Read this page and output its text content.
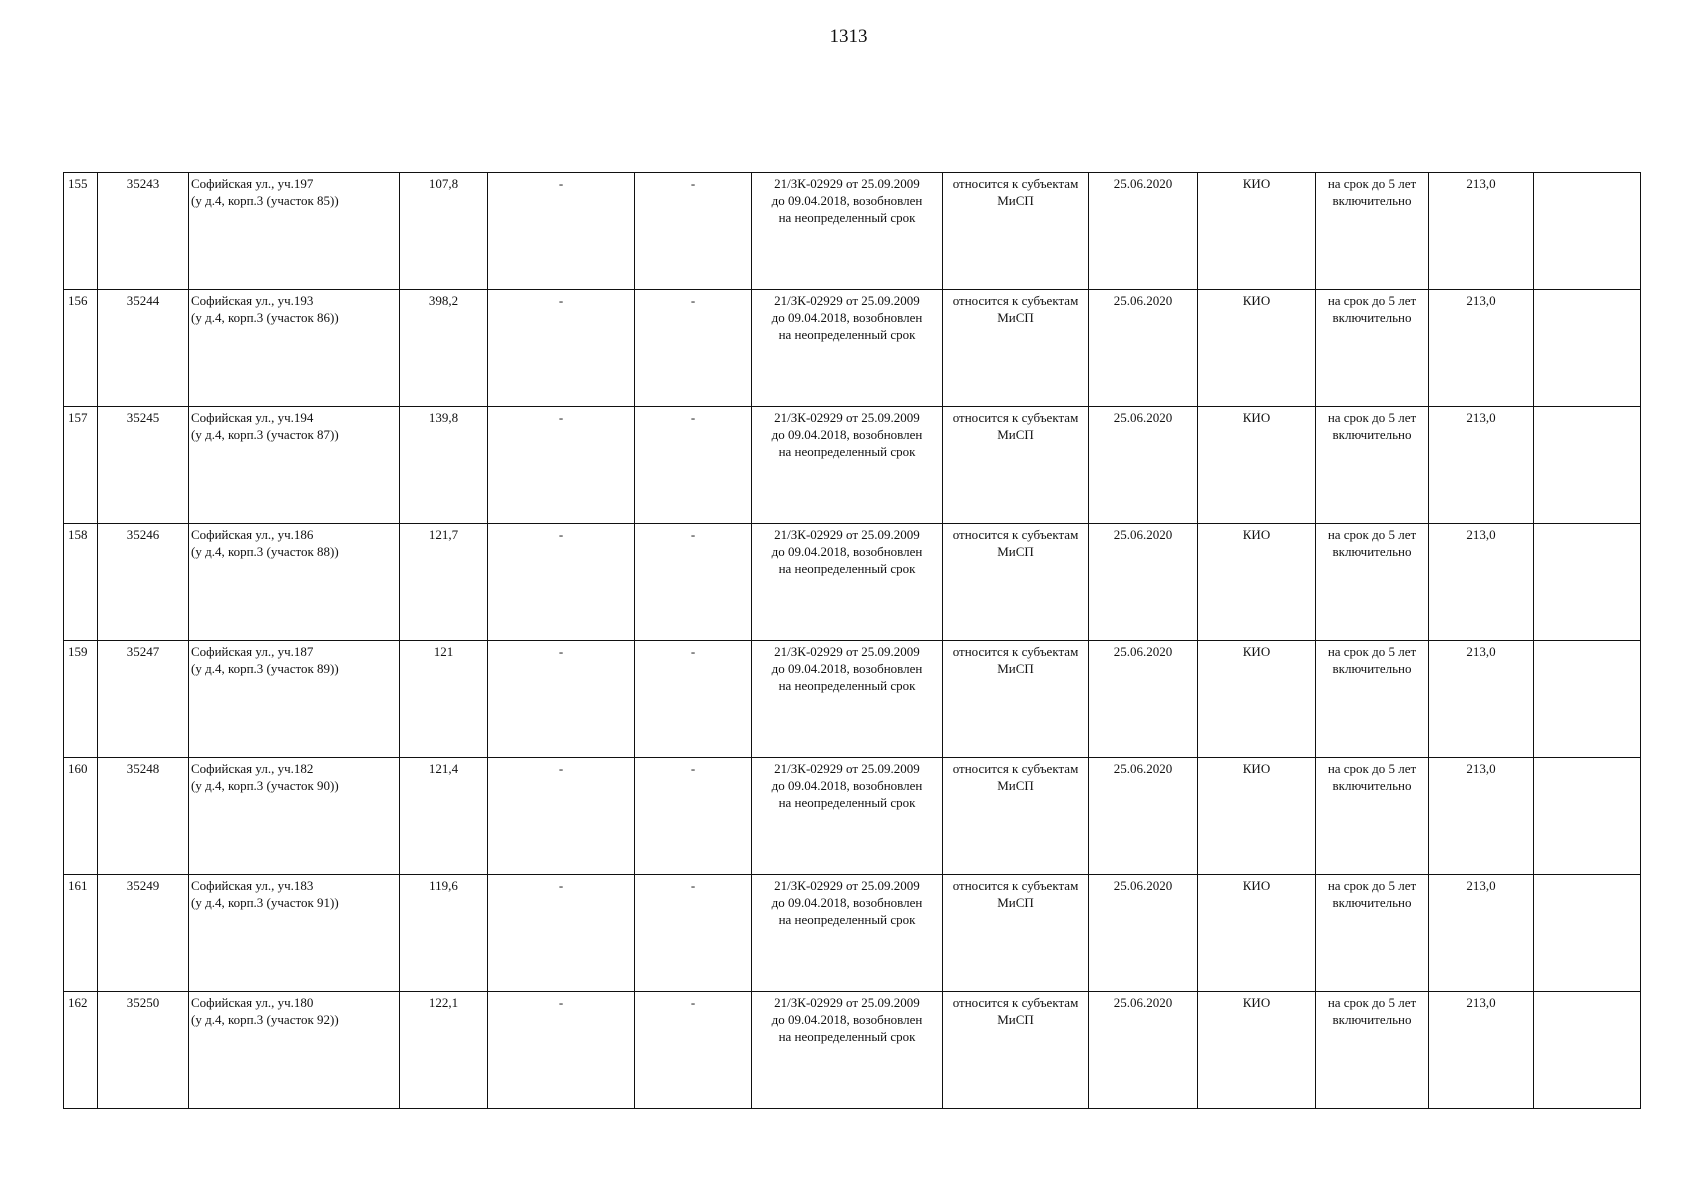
1313
155	35243	Софийская ул., уч.197
(у д.4, корп.3 (участок 85))	107,8	-	-	21/ЗК-02929 от 25.09.2009
до 09.04.2018, возобновлен
на неопределенный срок	относится к субъектам
МиСП	25.06.2020	КИО	на срок до 5 лет
включительно	213,0	
156	35244	Софийская ул., уч.193
(у д.4, корп.3 (участок 86))	398,2	-	-	21/ЗК-02929 от 25.09.2009
до 09.04.2018, возобновлен
на неопределенный срок	относится к субъектам
МиСП	25.06.2020	КИО	на срок до 5 лет
включительно	213,0	
157	35245	Софийская ул., уч.194
(у д.4, корп.3 (участок 87))	139,8	-	-	21/ЗК-02929 от 25.09.2009
до 09.04.2018, возобновлен
на неопределенный срок	относится к субъектам
МиСП	25.06.2020	КИО	на срок до 5 лет
включительно	213,0	
158	35246	Софийская ул., уч.186
(у д.4, корп.3 (участок 88))	121,7	-	-	21/ЗК-02929 от 25.09.2009
до 09.04.2018, возобновлен
на неопределенный срок	относится к субъектам
МиСП	25.06.2020	КИО	на срок до 5 лет
включительно	213,0	
159	35247	Софийская ул., уч.187
(у д.4, корп.3 (участок 89))	121	-	-	21/ЗК-02929 от 25.09.2009
до 09.04.2018, возобновлен
на неопределенный срок	относится к субъектам
МиСП	25.06.2020	КИО	на срок до 5 лет
включительно	213,0	
160	35248	Софийская ул., уч.182
(у д.4, корп.3 (участок 90))	121,4	-	-	21/ЗК-02929 от 25.09.2009
до 09.04.2018, возобновлен
на неопределенный срок	относится к субъектам
МиСП	25.06.2020	КИО	на срок до 5 лет
включительно	213,0	
161	35249	Софийская ул., уч.183
(у д.4, корп.3 (участок 91))	119,6	-	-	21/ЗК-02929 от 25.09.2009
до 09.04.2018, возобновлен
на неопределенный срок	относится к субъектам
МиСП	25.06.2020	КИО	на срок до 5 лет
включительно	213,0	
162	35250	Софийская ул., уч.180
(у д.4, корп.3 (участок 92))	122,1	-	-	21/ЗК-02929 от 25.09.2009
до 09.04.2018, возобновлен
на неопределенный срок	относится к субъектам
МиСП	25.06.2020	КИО	на срок до 5 лет
включительно	213,0	
